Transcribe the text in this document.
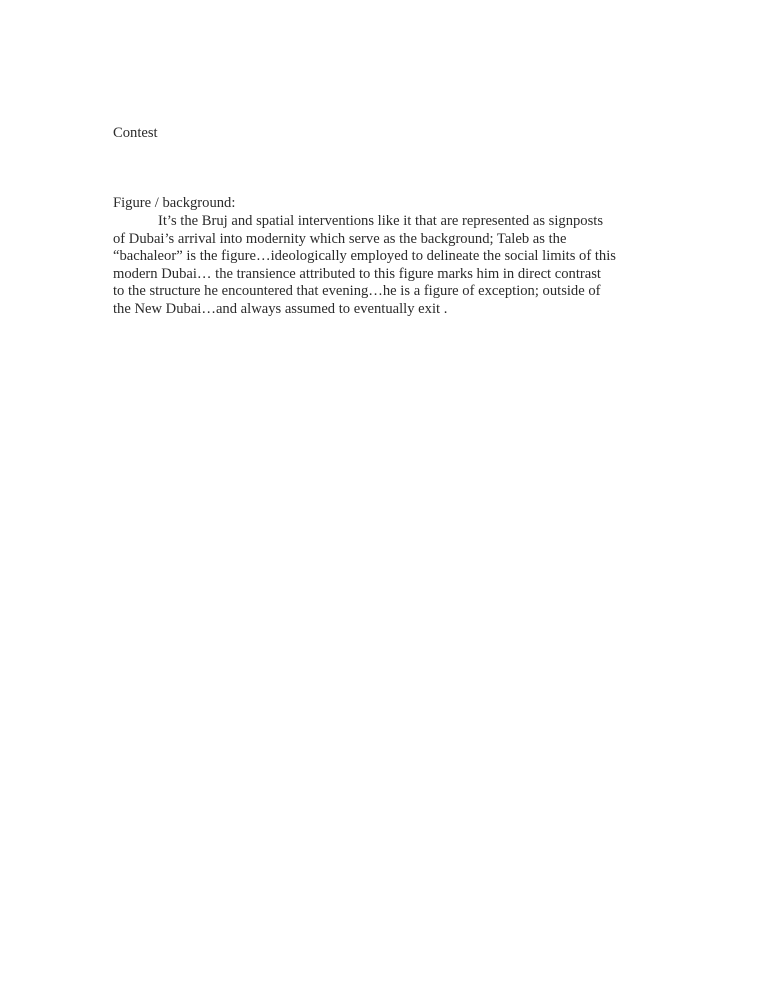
Contest
Figure / background:
It’s the Bruj and spatial interventions like it that are represented as signposts
of Dubai’s arrival into modernity which serve as the background; Taleb as the
“bachaleor” is the figure…ideologically employed to delineate the social limits of this
modern Dubai… the transience attributed to this figure marks him in direct contrast
to the structure he encountered that evening…he is a figure of exception; outside of
the New Dubai…and always assumed to eventually exit .
